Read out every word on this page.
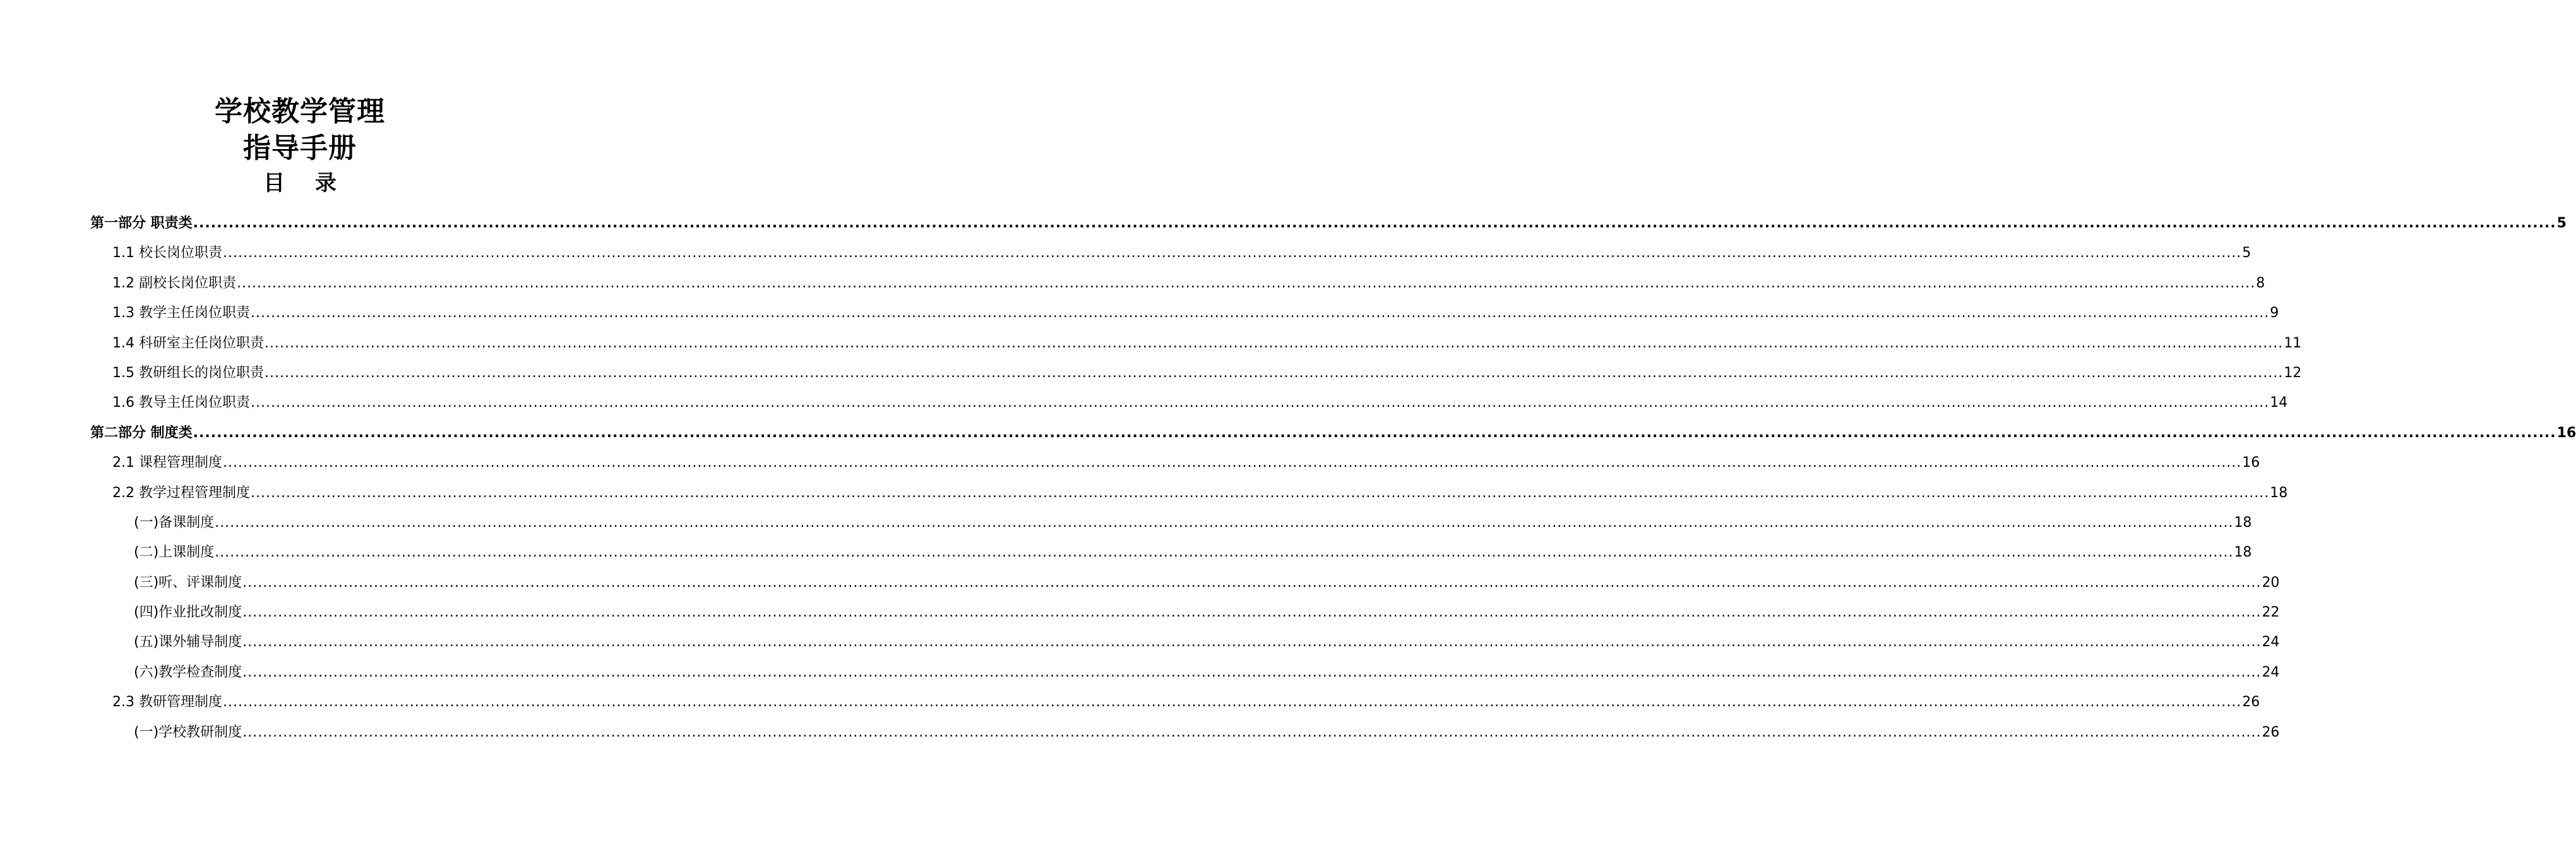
学校教学管理
指导手册
目 录
第一部分 职责类 ................................................................................................................................................................................................................................................................................................................................................................................................................ 5
1.1 校长岗位职责 ................................................................................................................................................................................................................................................................................................................................................................................................................ 5
1.2 副校长岗位职责 ................................................................................................................................................................................................................................................................................................................................................................................................................ 8
1.3 教学主任岗位职责 ................................................................................................................................................................................................................................................................................................................................................................................................................ 9
1.4 科研室主任岗位职责 ................................................................................................................................................................................................................................................................................................................................................................................................................ 11
1.5 教研组长的岗位职责 ................................................................................................................................................................................................................................................................................................................................................................................................................ 12
1.6 教导主任岗位职责 ................................................................................................................................................................................................................................................................................................................................................................................................................ 14
第二部分 制度类 ................................................................................................................................................................................................................................................................................................................................................................................................................ 16
2.1 课程管理制度 ................................................................................................................................................................................................................................................................................................................................................................................................................ 16
2.2 教学过程管理制度 ................................................................................................................................................................................................................................................................................................................................................................................................................ 18
(一)备课制度 ................................................................................................................................................................................................................................................................................................................................................................................................................ 18
(二)上课制度 ................................................................................................................................................................................................................................................................................................................................................................................................................ 18
(三)听、评课制度 ................................................................................................................................................................................................................................................................................................................................................................................................................ 20
(四)作业批改制度 ................................................................................................................................................................................................................................................................................................................................................................................................................ 22
(五)课外辅导制度 ................................................................................................................................................................................................................................................................................................................................................................................................................ 24
(六)教学检查制度 ................................................................................................................................................................................................................................................................................................................................................................................................................ 24
2.3 教研管理制度 ................................................................................................................................................................................................................................................................................................................................................................................................................ 26
(一)学校教研制度 ................................................................................................................................................................................................................................................................................................................................................................................................................ 26
